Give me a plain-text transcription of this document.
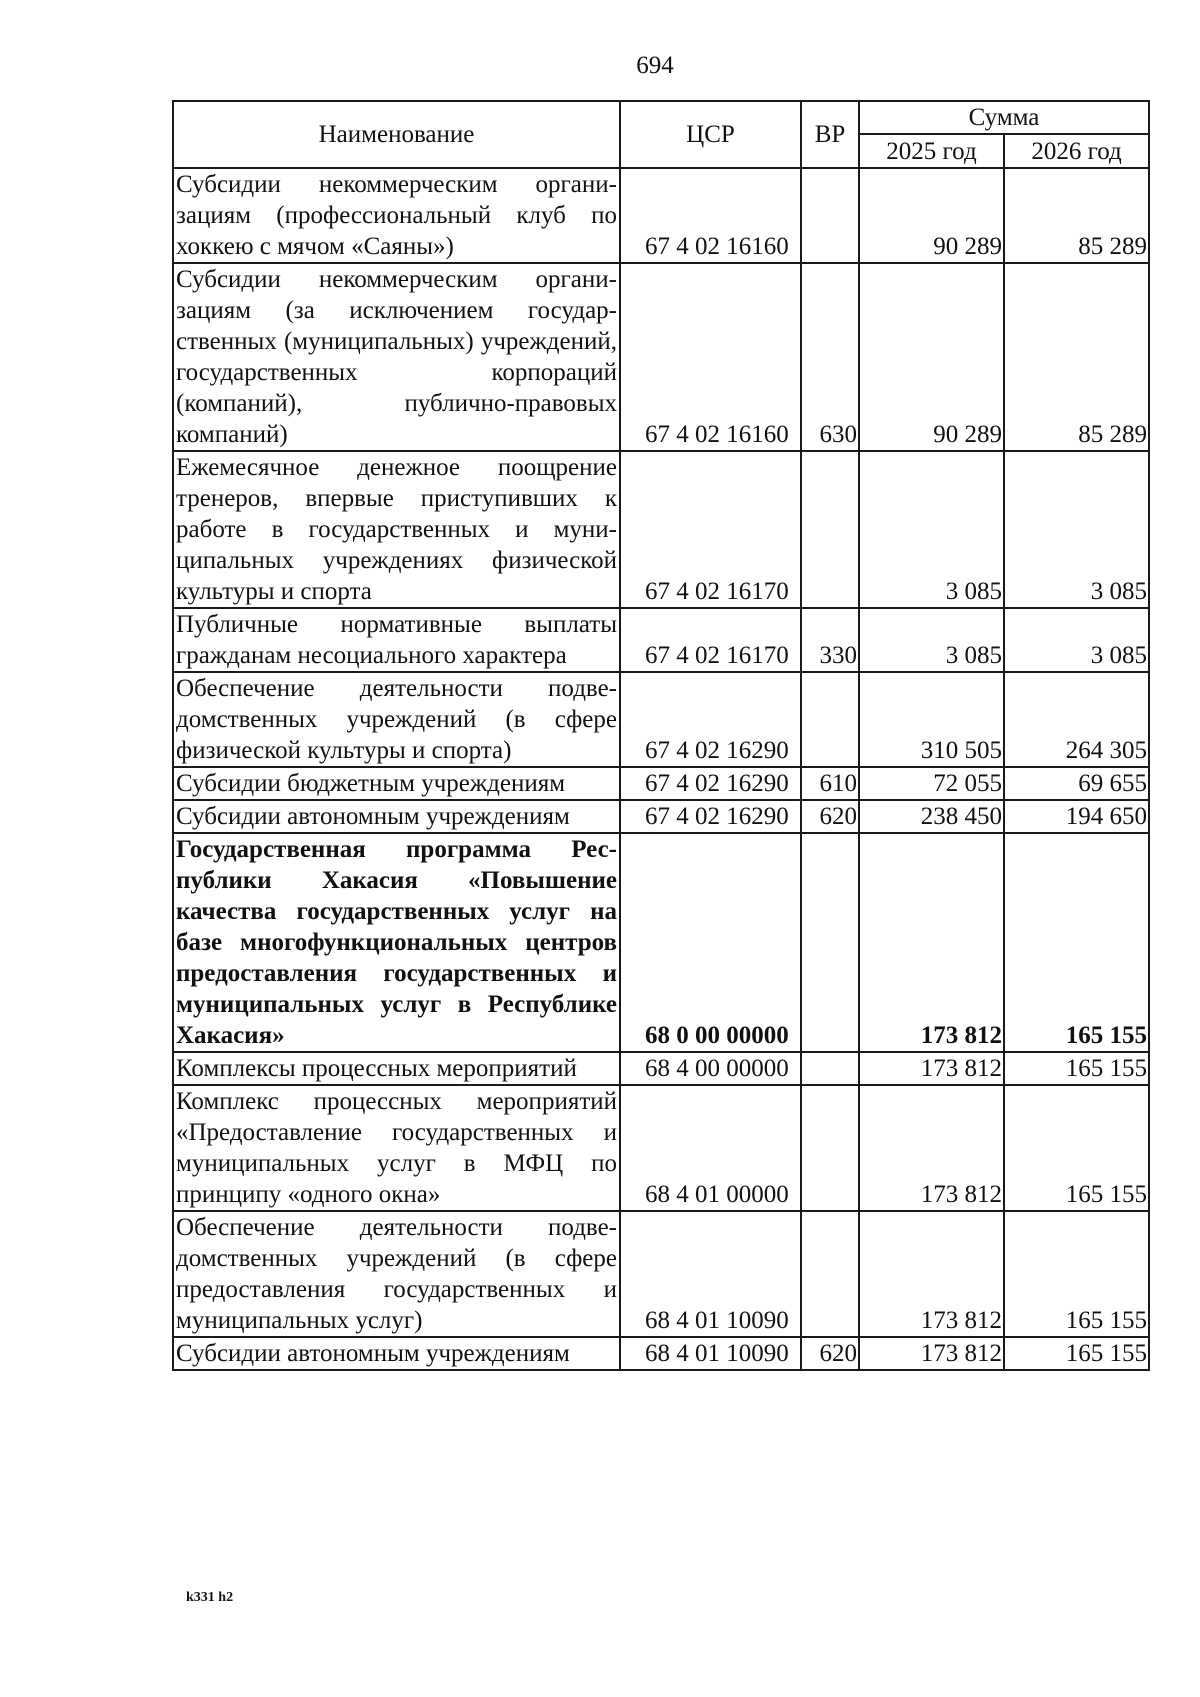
694
Наименование	ЦСР	ВР	Сумма	
			2025 год	2026 год
Субсидии некоммерческим организациям (профессиональный клуб по хоккею с мячом «Саяны»)	67 4 02 16160		90 289	85 289
Субсидии некоммерческим организациям (за исключением государственных (муниципальных) учреждений, государственных корпораций (компаний), публично-правовых компаний)	67 4 02 16160	630	90 289	85 289
Ежемесячное денежное поощрение тренеров, впервые приступивших к работе в государственных и муниципальных учреждениях физической культуры и спорта	67 4 02 16170		3 085	3 085
Публичные нормативные выплаты гражданам несоциального характера	67 4 02 16170	330	3 085	3 085
Обеспечение деятельности подведомственных учреждений (в сфере физической культуры и спорта)	67 4 02 16290		310 505	264 305
Субсидии бюджетным учреждениям	67 4 02 16290	610	72 055	69 655
Субсидии автономным учреждениям	67 4 02 16290	620	238 450	194 650
Государственная программа Республики Хакасия «Повышение качества государственных услуг на базе многофункциональных центров предоставления государственных и муниципальных услуг в Республике Хакасия»	68 0 00 00000		173 812	165 155
Комплексы процессных мероприятий	68 4 00 00000		173 812	165 155
Комплекс процессных мероприятий «Предоставление государственных и муниципальных услуг в МФЦ по принципу «одного окна»	68 4 01 00000		173 812	165 155
Обеспечение деятельности подведомственных учреждений (в сфере предоставления государственных и муниципальных услуг)	68 4 01 10090		173 812	165 155
Субсидии автономным учреждениям	68 4 01 10090	620	173 812	165 155
k331 h2
